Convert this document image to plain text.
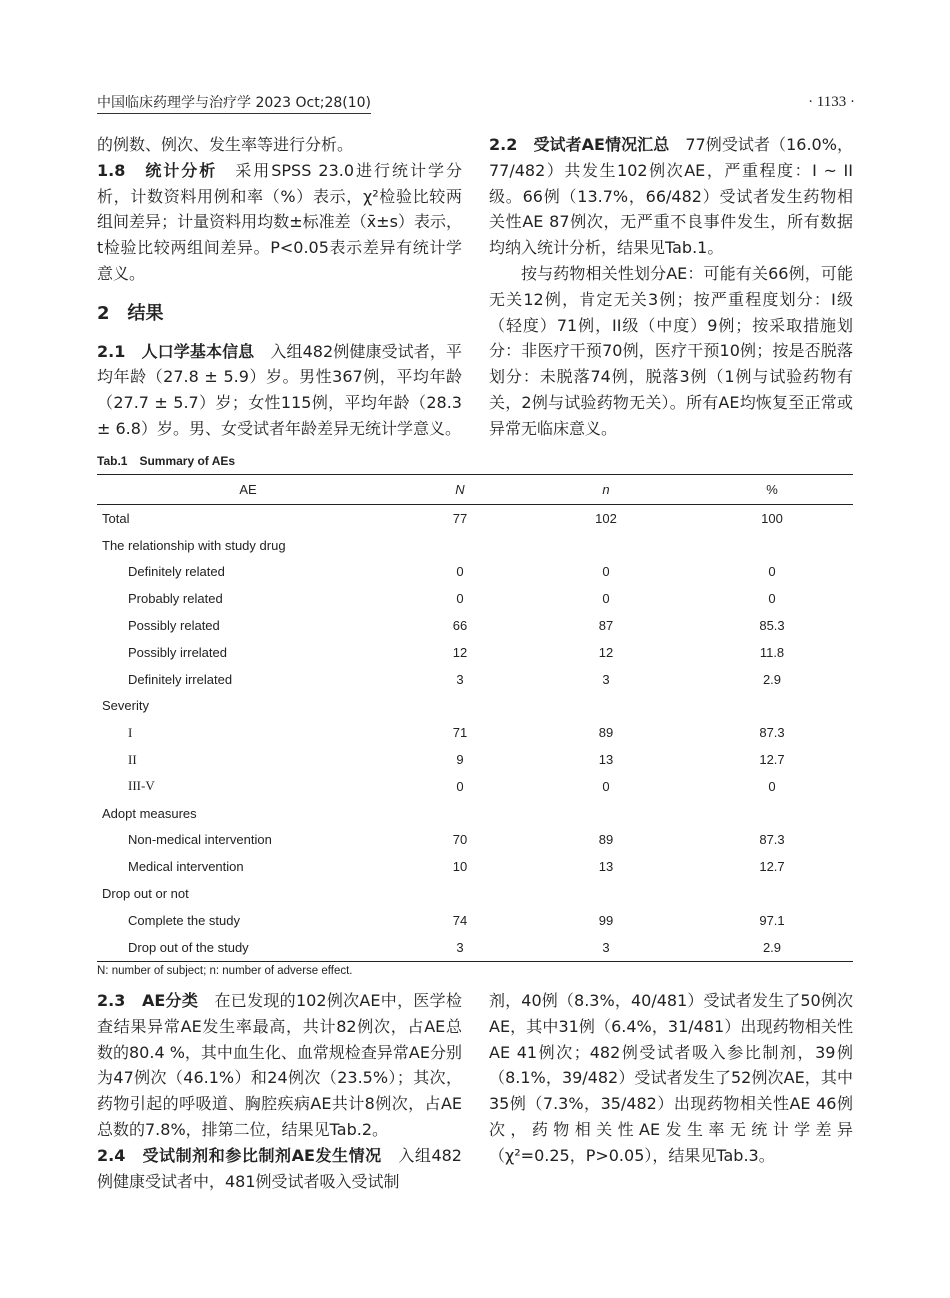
中国临床药理学与治疗学 2023 Oct;28(10)	· 1133 ·

的例数、例次、发生率等进行分析。

1.8　统计分析　采用SPSS 23.0进行统计学分析，计数资料用例和率（%）表示，χ²检验比较两组间差异；计量资料用均数±标准差（x̄±s）表示，t检验比较两组间差异。P<0.05表示差异有统计学意义。

2　结果

2.1　人口学基本信息　入组482例健康受试者，平均年龄（27.8 ± 5.9）岁。男性367例，平均年龄（27.7 ± 5.7）岁；女性115例，平均年龄（28.3 ± 6.8）岁。男、女受试者年龄差异无统计学意义。

2.2　受试者AE情况汇总　77例受试者（16.0%，77/482）共发生102例次AE，严重程度：I ~ II级。66例（13.7%，66/482）受试者发生药物相关性AE 87例次，无严重不良事件发生，所有数据均纳入统计分析，结果见Tab.1。

按与药物相关性划分AE：可能有关66例，可能无关12例，肯定无关3例；按严重程度划分：I级（轻度）71例，II级（中度）9例；按采取措施划分：非医疗干预70例，医疗干预10例；按是否脱落划分：未脱落74例，脱落3例（1例与试验药物有关，2例与试验药物无关）。所有AE均恢复至正常或异常无临床意义。

Tab.1　Summary of AEs
AE	N	n	%
Total	77	102	100
The relationship with study drug			
Definitely related	0	0	0
Probably related	0	0	0
Possibly related	66	87	85.3
Possibly irrelated	12	12	11.8
Definitely irrelated	3	3	2.9
Severity			
I	71	89	87.3
II	9	13	12.7
III-V	0	0	0
Adopt measures			
Non-medical intervention	70	89	87.3
Medical intervention	10	13	12.7
Drop out or not			
Complete the study	74	99	97.1
Drop out of the study	3	3	2.9
N: number of subject; n: number of adverse effect.

2.3　AE分类　在已发现的102例次AE中，医学检查结果异常AE发生率最高，共计82例次，占AE总数的80.4 %，其中血生化、血常规检查异常AE分别为47例次（46.1%）和24例次（23.5%）；其次，药物引起的呼吸道、胸腔疾病AE共计8例次，占AE总数的7.8%，排第二位，结果见Tab.2。

2.4　受试制剂和参比制剂AE发生情况　入组482例健康受试者中，481例受试者吸入受试制

剂，40例（8.3%，40/481）受试者发生了50例次AE，其中31例（6.4%，31/481）出现药物相关性AE 41例次；482例受试者吸入参比制剂，39例（8.1%，39/482）受试者发生了52例次AE，其中35例（7.3%，35/482）出现药物相关性AE 46例次，药物相关性AE发生率无统计学差异（χ²=0.25，P>0.05），结果见Tab.3。
